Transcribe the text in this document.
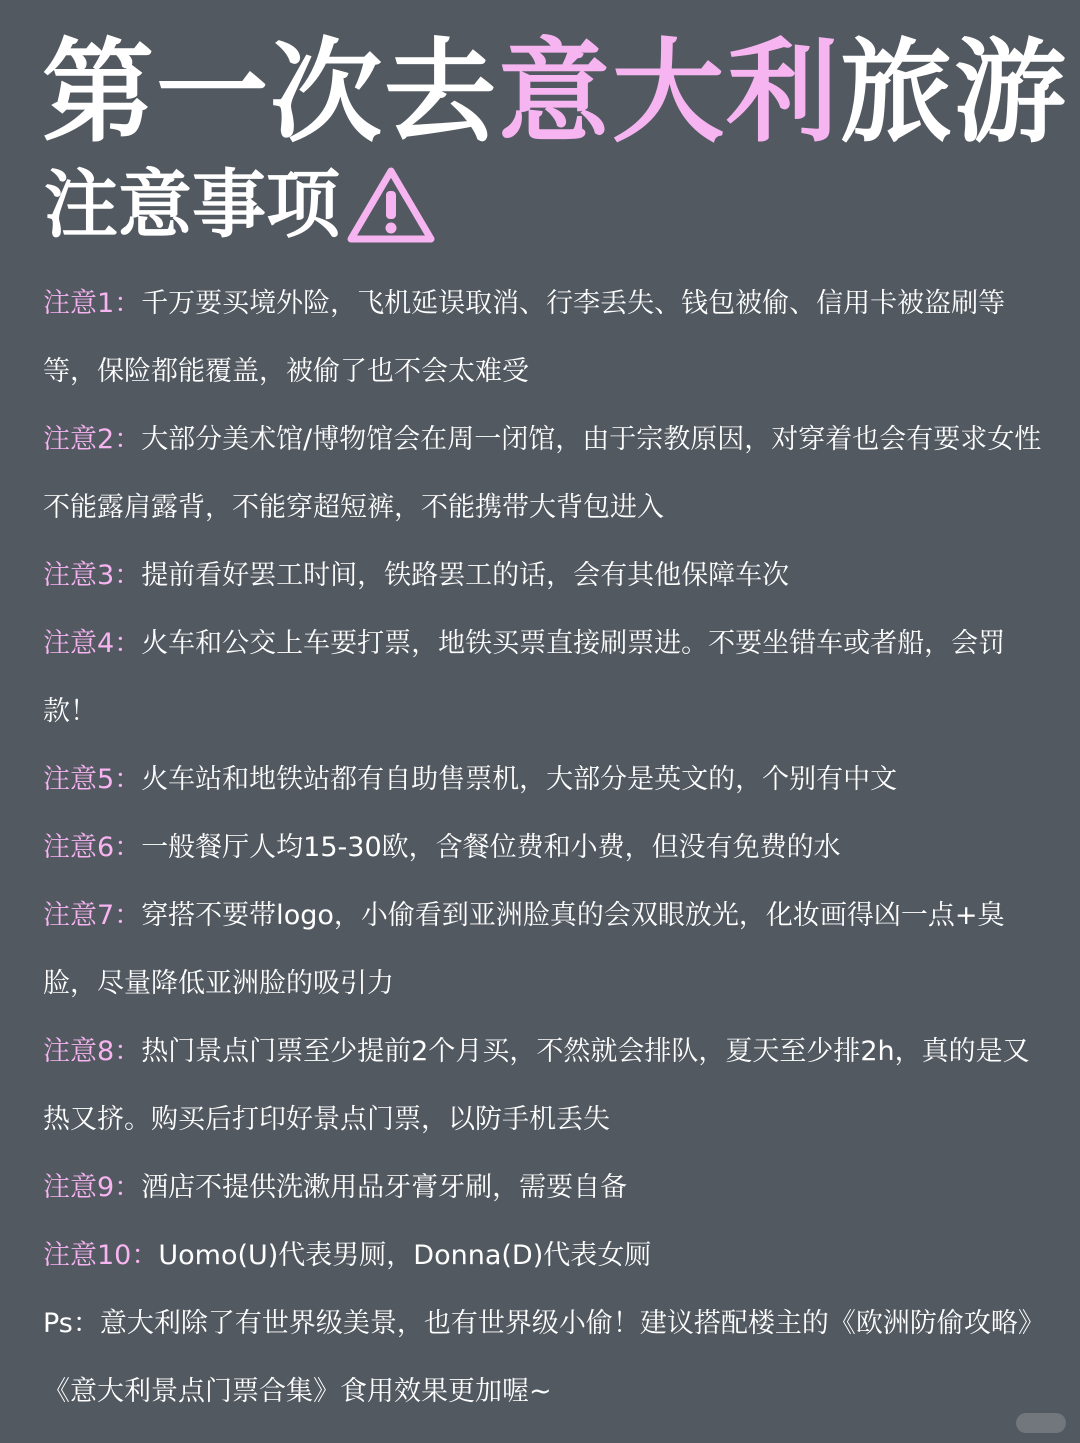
第一次去意大利旅游
注意事项

注意1：千万要买境外险，飞机延误取消、行李丢失、钱包被偷、信用卡被盗刷等等，保险都能覆盖，被偷了也不会太难受

注意2：大部分美术馆/博物馆会在周一闭馆，由于宗教原因，对穿着也会有要求女性不能露肩露背，不能穿超短裤，不能携带大背包进入

注意3：提前看好罢工时间，铁路罢工的话，会有其他保障车次

注意4：火车和公交上车要打票，地铁买票直接刷票进。不要坐错车或者船，会罚款！

注意5：火车站和地铁站都有自助售票机，大部分是英文的，个别有中文

注意6：一般餐厅人均15-30欧，含餐位费和小费，但没有免费的水

注意7：穿搭不要带logo，小偷看到亚洲脸真的会双眼放光，化妆画得凶一点+臭脸，尽量降低亚洲脸的吸引力

注意8：热门景点门票至少提前2个月买，不然就会排队，夏天至少排2h，真的是又热又挤。购买后打印好景点门票，以防手机丢失

注意9：酒店不提供洗漱用品牙膏牙刷，需要自备

注意10：Uomo(U)代表男厕，Donna(D)代表女厕

Ps：意大利除了有世界级美景，也有世界级小偷！建议搭配楼主的《欧洲防偷攻略》《意大利景点门票合集》食用效果更加喔~
